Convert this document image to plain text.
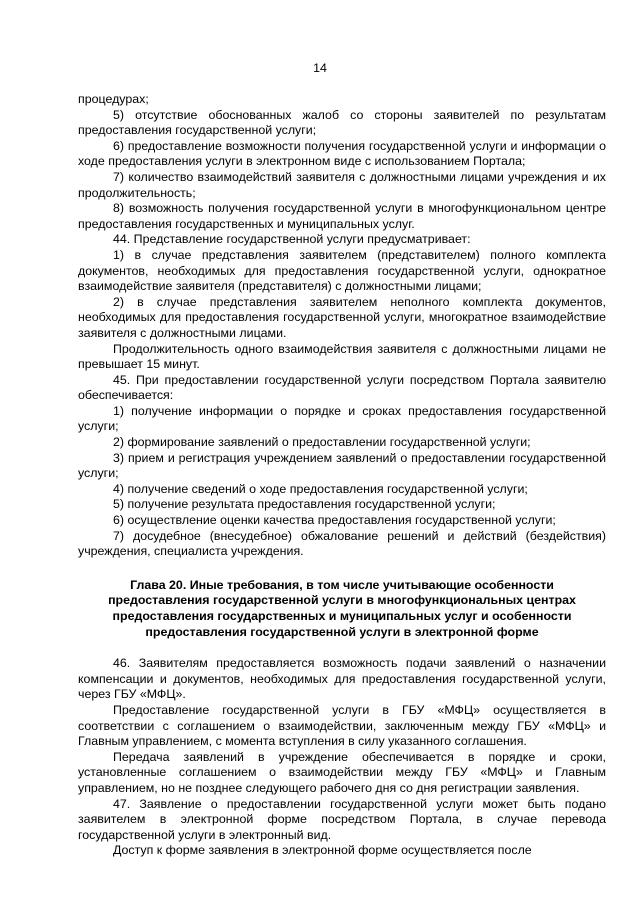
14

процедурах;

5) отсутствие обоснованных жалоб со стороны заявителей по результатам предоставления государственной услуги;

6) предоставление возможности получения государственной услуги и информации о ходе предоставления услуги в электронном виде с использованием Портала;

7) количество взаимодействий заявителя с должностными лицами учреждения и их продолжительность;

8) возможность получения государственной услуги в многофункциональном центре предоставления государственных и муниципальных услуг.

44. Представление государственной услуги предусматривает:

1) в случае представления заявителем (представителем) полного комплекта документов, необходимых для предоставления государственной услуги, однократное взаимодействие заявителя (представителя) с должностными лицами;

2) в случае представления заявителем неполного комплекта документов, необходимых для предоставления государственной услуги, многократное взаимодействие заявителя с должностными лицами.

Продолжительность одного взаимодействия заявителя с должностными лицами не превышает 15 минут.

45. При предоставлении государственной услуги посредством Портала заявителю обеспечивается:

1) получение информации о порядке и сроках предоставления государственной услуги;

2) формирование заявлений о предоставлении государственной услуги;

3) прием и регистрация учреждением заявлений о предоставлении государственной услуги;

4) получение сведений о ходе предоставления государственной услуги;

5) получение результата предоставления государственной услуги;

6) осуществление оценки качества предоставления государственной услуги;

7) досудебное (внесудебное) обжалование решений и действий (бездействия) учреждения, специалиста учреждения.

Глава 20. Иные требования, в том числе учитывающие особенности

предоставления государственной услуги в многофункциональных центрах

предоставления государственных и муниципальных услуг и особенности

предоставления государственной услуги в электронной форме

46. Заявителям предоставляется возможность подачи заявлений о назначении компенсации и документов, необходимых для предоставления государственной услуги, через ГБУ «МФЦ».

Предоставление государственной услуги в ГБУ «МФЦ» осуществляется в соответствии с соглашением о взаимодействии, заключенным между ГБУ «МФЦ» и Главным управлением, с момента вступления в силу указанного соглашения.

Передача заявлений в учреждение обеспечивается в порядке и сроки, установленные соглашением о взаимодействии между ГБУ «МФЦ» и Главным управлением, но не позднее следующего рабочего дня со дня регистрации заявления.

47. Заявление о предоставлении государственной услуги может быть подано заявителем в электронной форме посредством Портала, в случае перевода государственной услуги в электронный вид.

Доступ к форме заявления в электронной форме осуществляется после
